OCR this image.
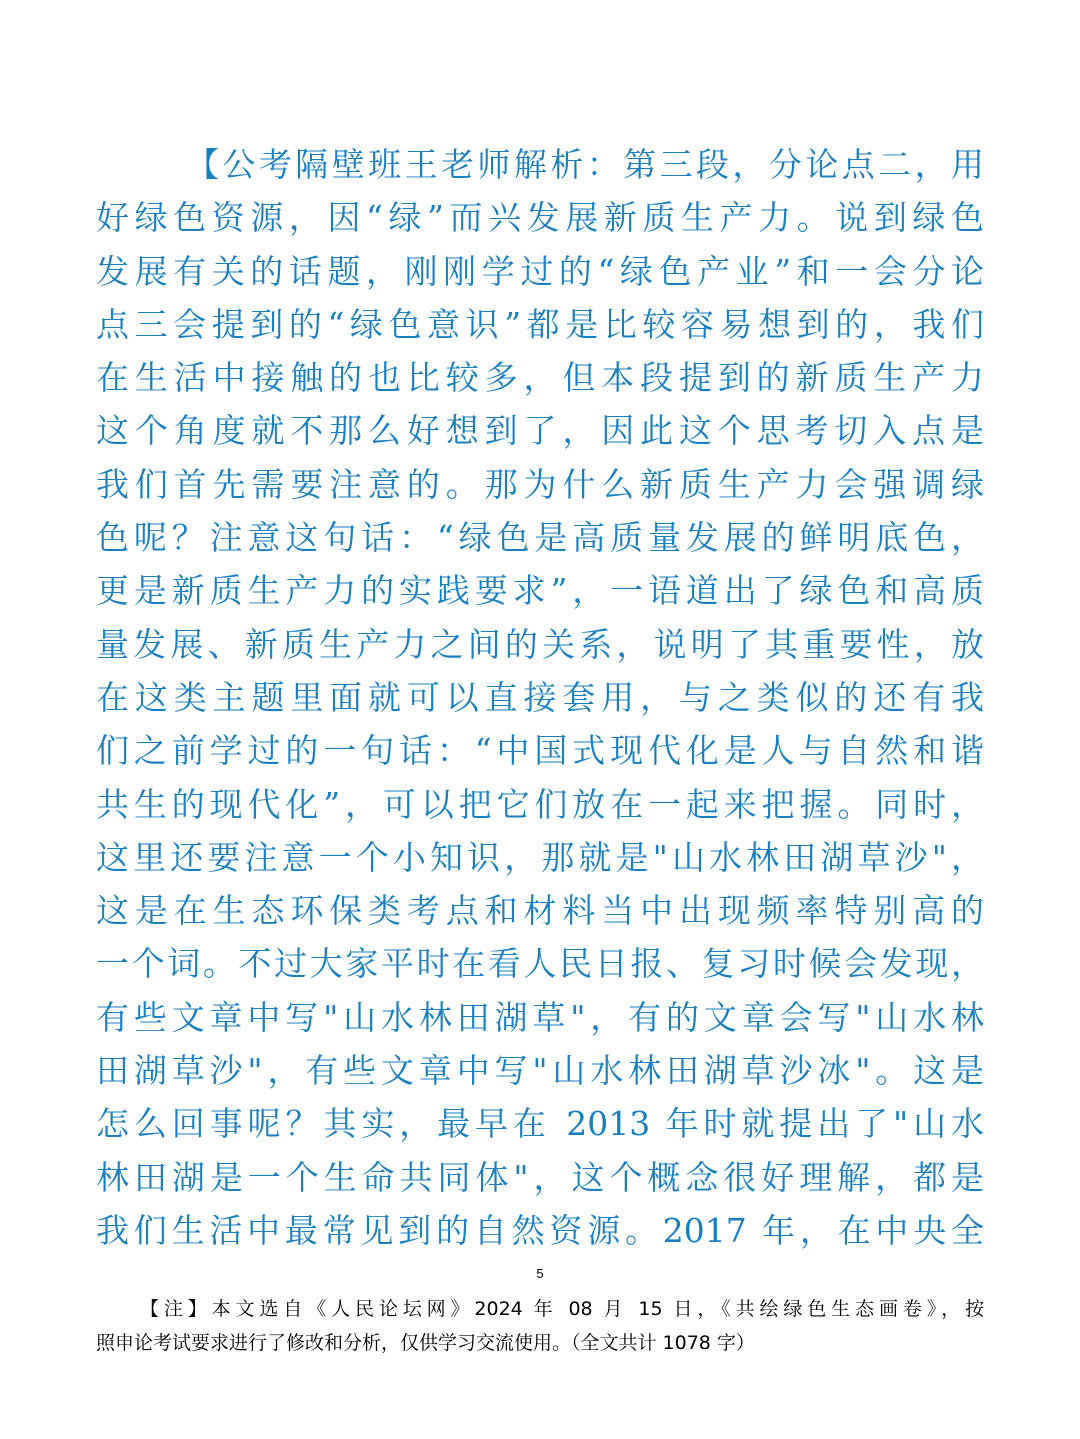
【公考隔壁班王老师解析：第三段，分论点二，用
好绿色资源，因“绿”而兴发展新质生产力。说到绿色
发展有关的话题，刚刚学过的“绿色产业”和一会分论
点三会提到的“绿色意识”都是比较容易想到的，我们
在生活中接触的也比较多，但本段提到的新质生产力
这个角度就不那么好想到了，因此这个思考切入点是
我们首先需要注意的。那为什么新质生产力会强调绿
色呢？注意这句话：“绿色是高质量发展的鲜明底色，
更是新质生产力的实践要求”，一语道出了绿色和高质
量发展、新质生产力之间的关系，说明了其重要性，放
在这类主题里面就可以直接套用，与之类似的还有我
们之前学过的一句话：“中国式现代化是人与自然和谐
共生的现代化”，可以把它们放在一起来把握。同时，
这里还要注意一个小知识，那就是"山水林田湖草沙"，
这是在生态环保类考点和材料当中出现频率特别高的
一个词。不过大家平时在看人民日报、复习时候会发现，
有些文章中写"山水林田湖草"，有的文章会写"山水林
田湖草沙"，有些文章中写"山水林田湖草沙冰"。这是
怎么回事呢？其实，最早在 2013 年时就提出了"山水
林田湖是一个生命共同体"，这个概念很好理解，都是
我们生活中最常见到的自然资源。2017 年，在中央全
5
【注】本文选自《人民论坛网》2024 年 08 月 15 日，《共绘绿色生态画卷》，按
照申论考试要求进行了修改和分析，仅供学习交流使用。（全文共计 1078 字）
